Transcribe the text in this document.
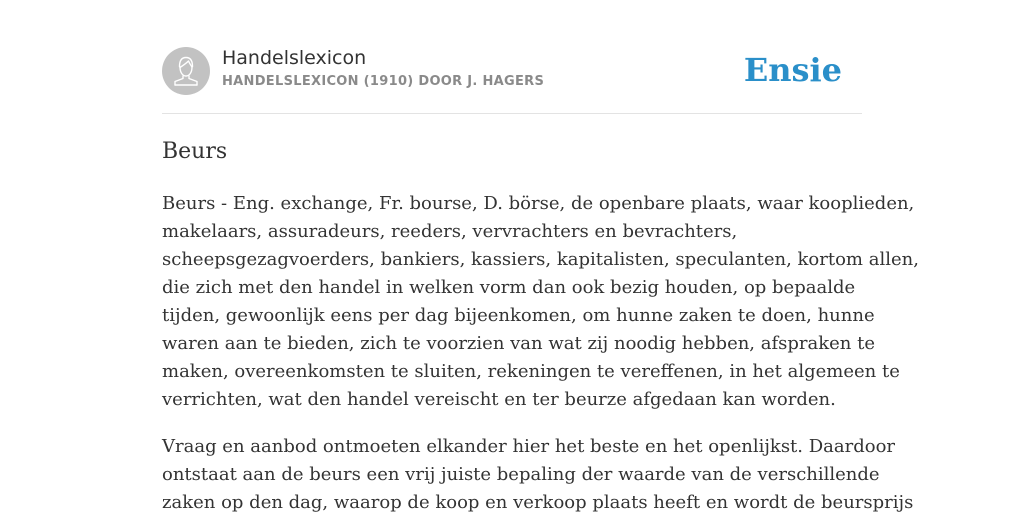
Handelslexicon
HANDELSLEXICON (1910) DOOR J. HAGERS	Ensie
Beurs

Beurs - Eng. exchange, Fr. bourse, D. börse, de openbare plaats, waar kooplieden,
makelaars, assuradeurs, reeders, vervrachters en bevrachters,
scheepsgezagvoerders, bankiers, kassiers, kapitalisten, speculanten, kortom allen,
die zich met den handel in welken vorm dan ook bezig houden, op bepaalde
tijden, gewoonlijk eens per dag bijeenkomen, om hunne zaken te doen, hunne
waren aan te bieden, zich te voorzien van wat zij noodig hebben, afspraken te
maken, overeenkomsten te sluiten, rekeningen te vereffenen, in het algemeen te
verrichten, wat den handel vereischt en ter beurze afgedaan kan worden.

Vraag en aanbod ontmoeten elkander hier het beste en het openlijkst. Daardoor
ontstaat aan de beurs een vrij juiste bepaling der waarde van de verschillende
zaken op den dag, waarop de koop en verkoop plaats heeft en wordt de beursprijs
